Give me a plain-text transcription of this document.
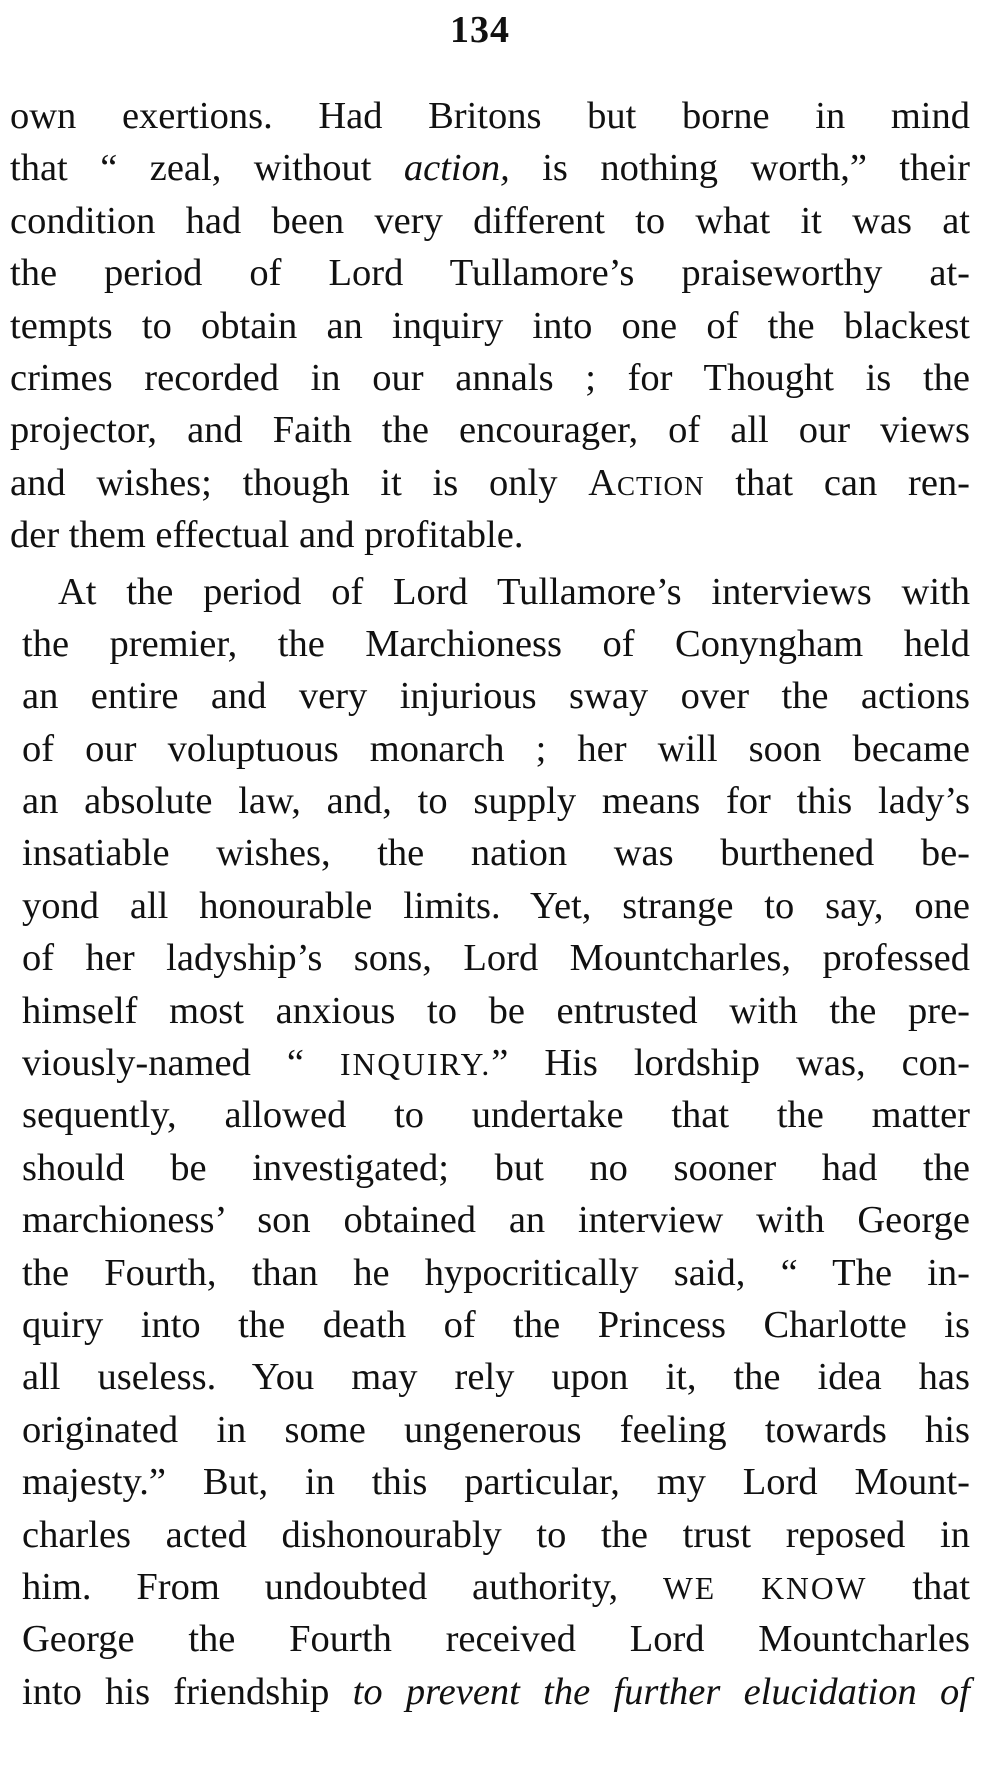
134
own exertions. Had Britons but borne in mind
that “ zeal, without action, is nothing worth,” their
condition had been very different to what it was at
the period of Lord Tullamore’s praiseworthy at-
tempts to obtain an inquiry into one of the blackest
crimes recorded in our annals ; for Thought is the
projector, and Faith the encourager, of all our views
and wishes; though it is only Action that can ren-
der them effectual and profitable.
At the period of Lord Tullamore’s interviews with
the premier, the Marchioness of Conyngham held
an entire and very injurious sway over the actions
of our voluptuous monarch ; her will soon became
an absolute law, and, to supply means for this lady’s
insatiable wishes, the nation was burthened be-
yond all honourable limits. Yet, strange to say, one
of her ladyship’s sons, Lord Mountcharles, professed
himself most anxious to be entrusted with the pre-
viously-named “ INQUIRY.” His lordship was, con-
sequently, allowed to undertake that the matter
should be investigated; but no sooner had the
marchioness’ son obtained an interview with George
the Fourth, than he hypocritically said, “ The in-
quiry into the death of the Princess Charlotte is
all useless. You may rely upon it, the idea has
originated in some ungenerous feeling towards his
majesty.” But, in this particular, my Lord Mount-
charles acted dishonourably to the trust reposed in
him. From undoubted authority, WE KNOW that
George the Fourth received Lord Mountcharles
into his friendship to prevent the further elucidation of
